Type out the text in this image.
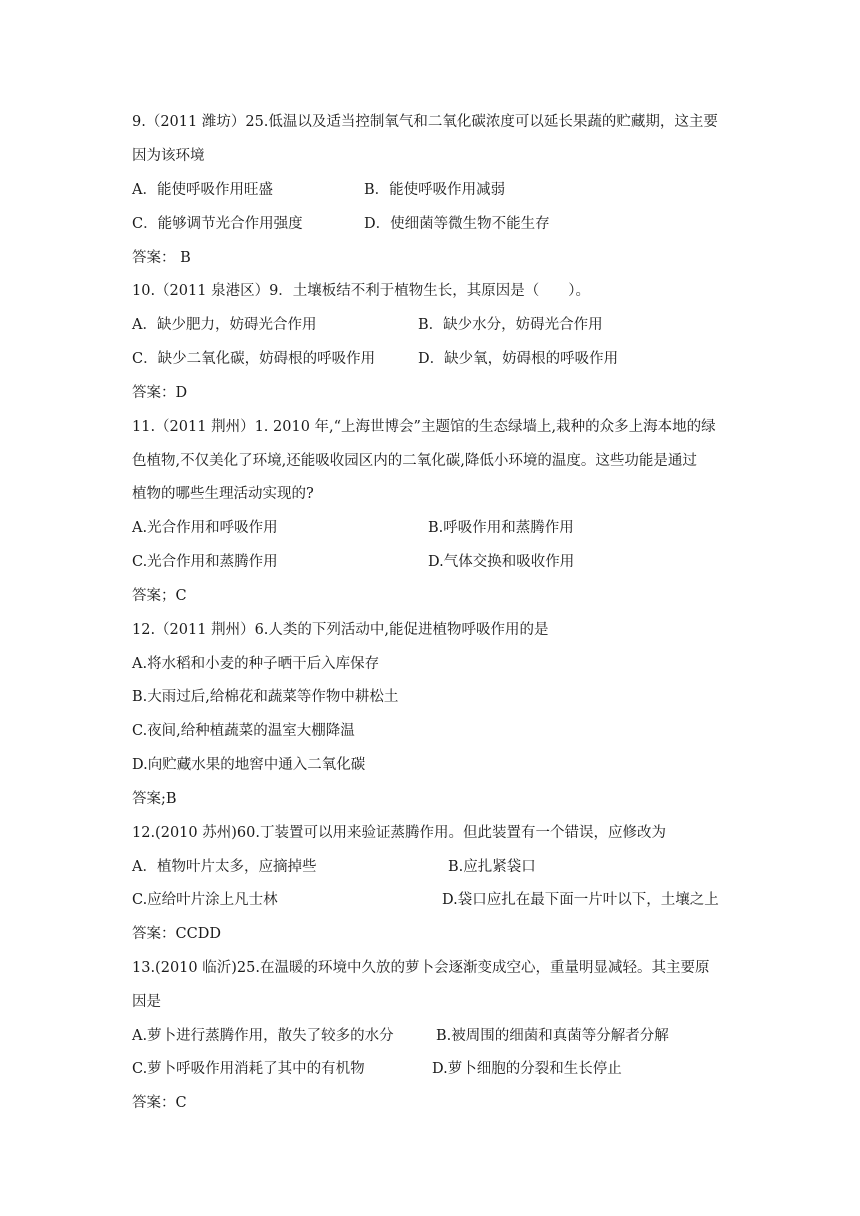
9.（2011 潍坊）25.低温以及适当控制氧气和二氧化碳浓度可以延长果蔬的贮藏期，这主要
因为该环境
A．能使呼吸作用旺盛	B．能使呼吸作用减弱
C．能够调节光合作用强度	D．使细菌等微生物不能生存
答案： B
10.（2011 泉港区）9．土壤板结不利于植物生长，其原因是（　　）。
A．缺少肥力，妨碍光合作用	B．缺少水分，妨碍光合作用
C．缺少二氧化碳，妨碍根的呼吸作用	D．缺少氧，妨碍根的呼吸作用
答案：D
11.（2011 荆州）1. 2010 年,“上海世博会”主题馆的生态绿墙上,栽种的众多上海本地的绿
色植物,不仅美化了环境,还能吸收园区内的二氧化碳,降低小环境的温度。这些功能是通过
植物的哪些生理活动实现的?
A.光合作用和呼吸作用	B.呼吸作用和蒸腾作用
C.光合作用和蒸腾作用	D.气体交换和吸收作用
答案；C
12.（2011 荆州）6.人类的下列活动中,能促进植物呼吸作用的是
A.将水稻和小麦的种子晒干后入库保存
B.大雨过后,给棉花和蔬菜等作物中耕松土
C.夜间,给种植蔬菜的温室大棚降温
D.向贮藏水果的地窖中通入二氧化碳
答案;B
12.(2010 苏州)60.丁装置可以用来验证蒸腾作用。但此装置有一个错误，应修改为
A．植物叶片太多，应摘掉些	B.应扎紧袋口
C.应给叶片涂上凡士林	D.袋口应扎在最下面一片叶以下，土壤之上
答案：CCDD
13.(2010 临沂)25.在温暖的环境中久放的萝卜会逐渐变成空心，重量明显减轻。其主要原
因是
A.萝卜进行蒸腾作用，散失了较多的水分	B.被周围的细菌和真菌等分解者分解
C.萝卜呼吸作用消耗了其中的有机物	D.萝卜细胞的分裂和生长停止
答案：C
